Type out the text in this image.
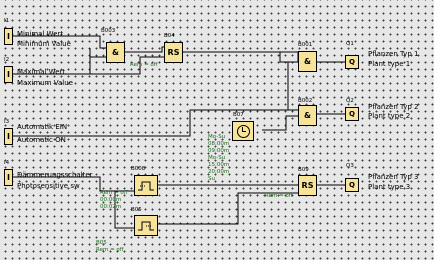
I
I
I
I
I1
I2
I3
I4
Minimal Wert
Minimum Value
Maximal Wert
Maximum Value
Automatik EIN
Automatic ON
Dämmerungsschalter
Photosensitive sw
B003
&
B04
RS
Rem = off
B001
&
B002
&
B07
Mo-Su
08:00m
09:00m
Mo-Su
15:00m
20:00m
Su
B008
Rem = off
00:00m
00:02m	B05
B05
Rem = off
B09
RS
Rem = off
Q1
Q
Pflanzen Typ 1
Plant type 1
Q2
Q
Pflanzen Typ 2
Plant type 2
Q3
Q
Pflanzen Typ 3
Plant type 3
